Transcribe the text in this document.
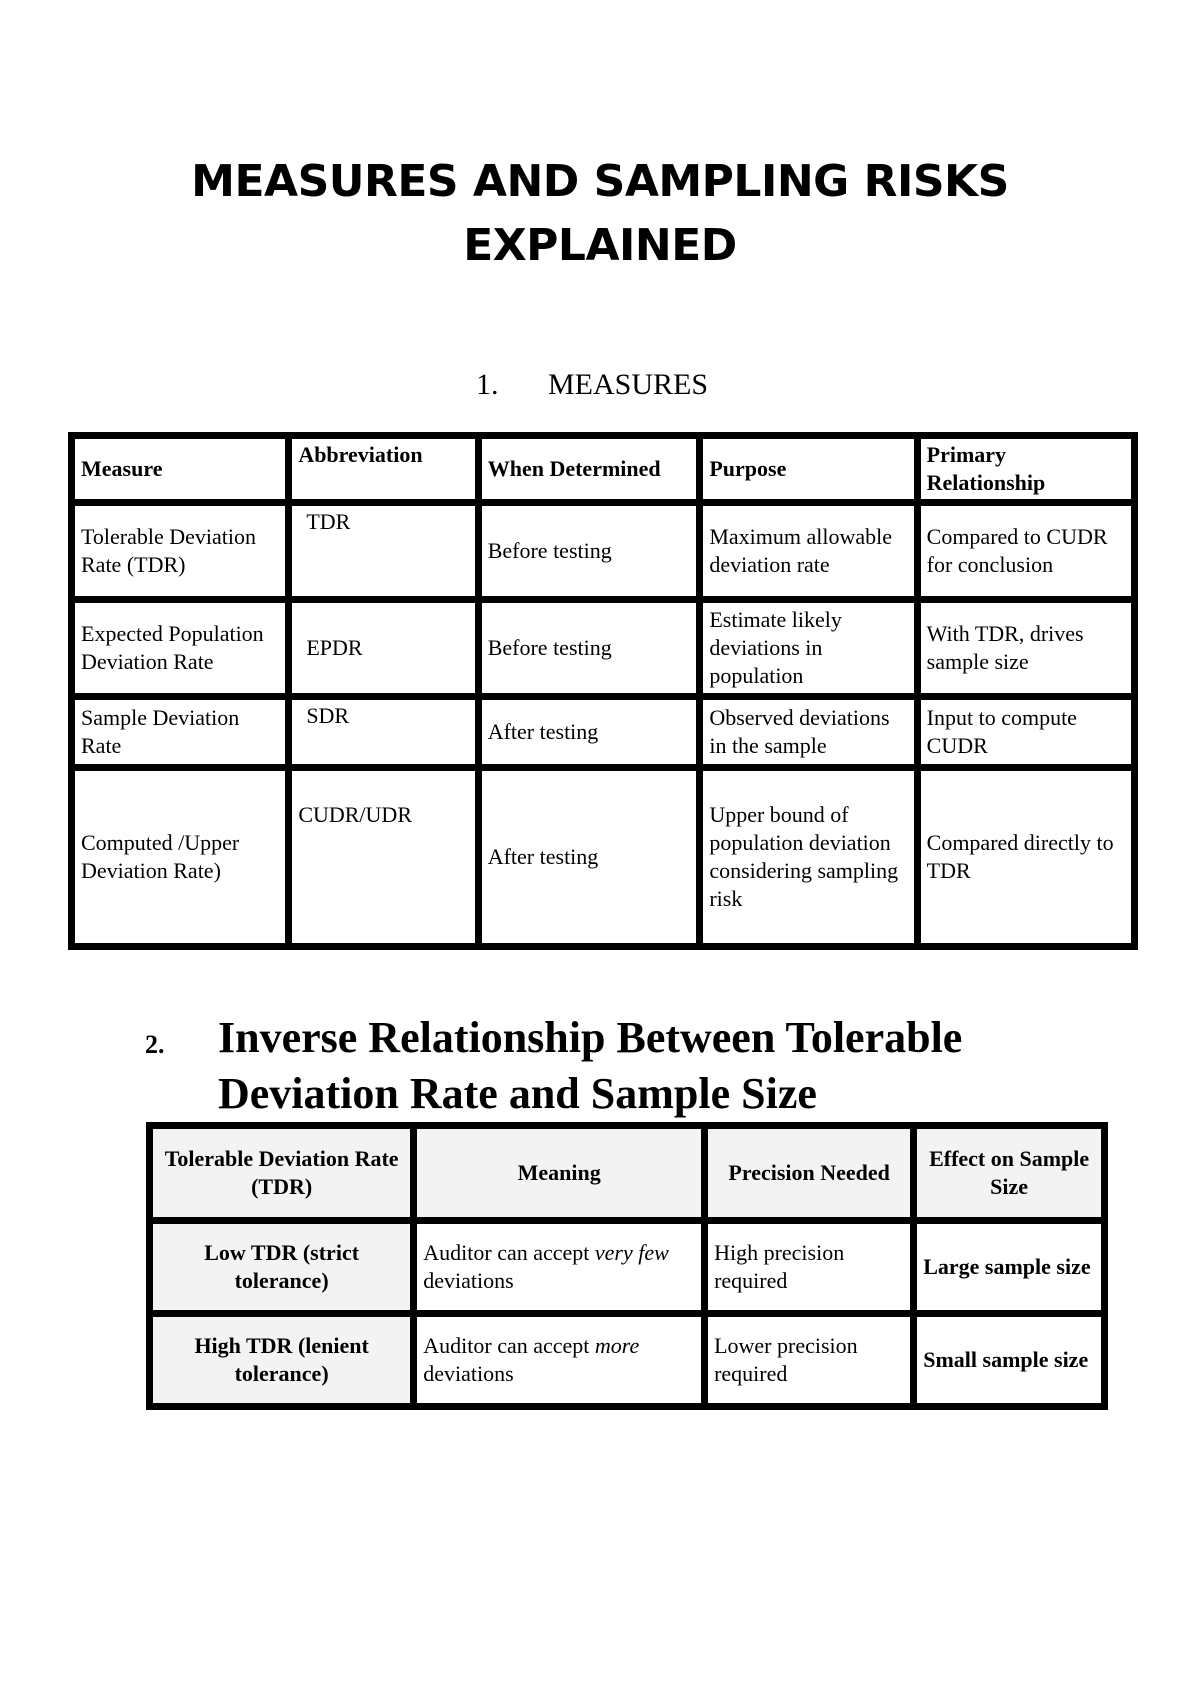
MEASURES AND SAMPLING RISKS
EXPLAINED
1. MEASURES
Measure	Abbreviation	When Determined	Purpose	Primary Relationship
Tolerable Deviation Rate (TDR)	TDR	Before testing	Maximum allowable deviation rate	Compared to CUDR for conclusion
Expected Population Deviation Rate	EPDR	Before testing	Estimate likely deviations in population	With TDR, drives sample size
Sample Deviation Rate	SDR	After testing	Observed deviations in the sample	Input to compute CUDR
Computed /Upper Deviation Rate)	CUDR/UDR	After testing	Upper bound of population deviation considering sampling risk	Compared directly to TDR
2. Inverse Relationship Between Tolerable
Deviation Rate and Sample Size
Tolerable Deviation Rate (TDR)	Meaning	Precision Needed	Effect on Sample Size
Low TDR (strict tolerance)	Auditor can accept very few deviations	High precision required	Large sample size
High TDR (lenient tolerance)	Auditor can accept more deviations	Lower precision required	Small sample size
